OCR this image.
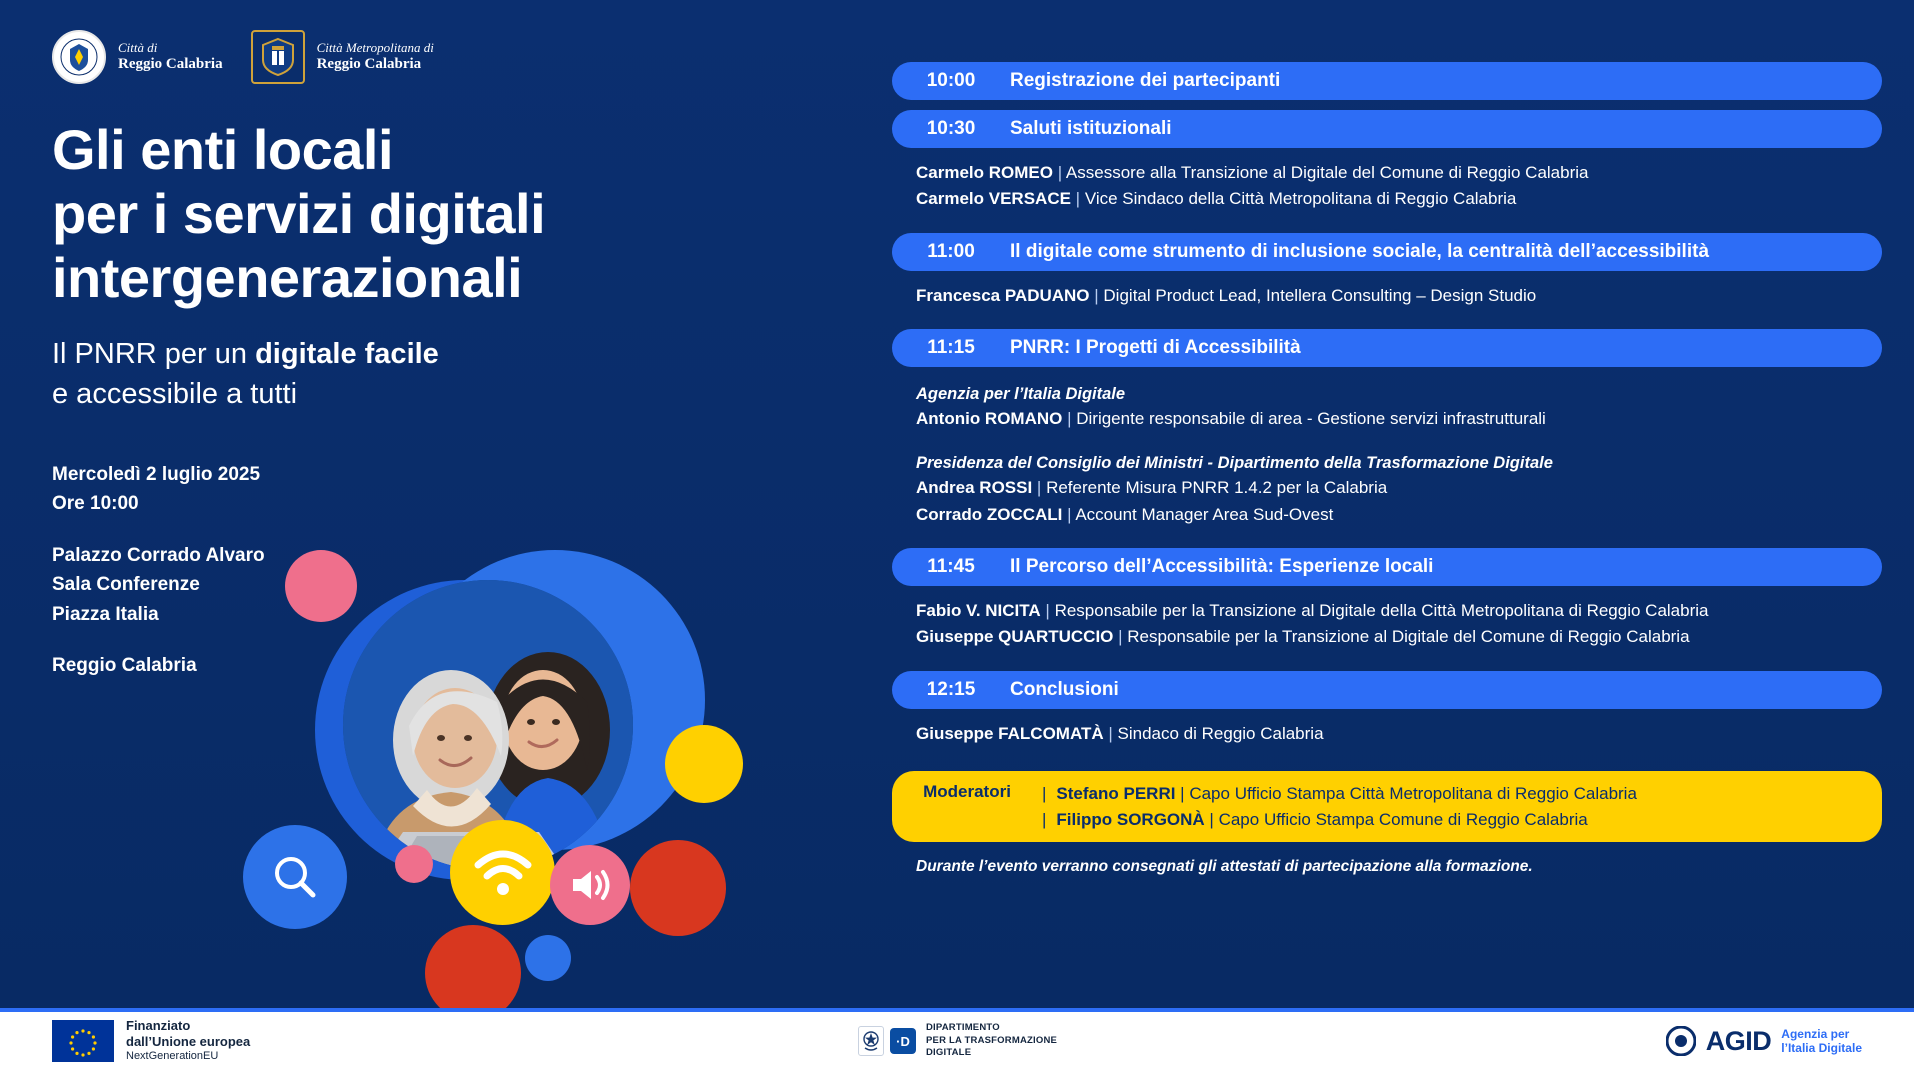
Città di
Reggio Calabria
Città Metropolitana di
Reggio Calabria
Gli enti locali
per i servizi digitali
intergenerazionali
Il PNRR per un digitale facile
e accessibile a tutti
Mercoledì 2 luglio 2025
Ore 10:00
Palazzo Corrado Alvaro
Sala Conferenze
Piazza Italia
Reggio Calabria
10:00	Registrazione dei partecipanti
10:30	Saluti istituzionali
Carmelo ROMEO | Assessore alla Transizione al Digitale del Comune di Reggio Calabria
Carmelo VERSACE | Vice Sindaco della Città Metropolitana di Reggio Calabria
11:00	Il digitale come strumento di inclusione sociale, la centralità dell’accessibilità
Francesca PADUANO | Digital Product Lead, Intellera Consulting – Design Studio
11:15	PNRR: I Progetti di Accessibilità
Agenzia per l’Italia Digitale
Antonio ROMANO | Dirigente responsabile di area - Gestione servizi infrastrutturali
Presidenza del Consiglio dei Ministri - Dipartimento della Trasformazione Digitale
Andrea ROSSI | Referente Misura PNRR 1.4.2 per la Calabria
Corrado ZOCCALI | Account Manager Area Sud-Ovest
11:45	Il Percorso dell’Accessibilità: Esperienze locali
Fabio V. NICITA | Responsabile per la Transizione al Digitale della Città Metropolitana di Reggio Calabria
Giuseppe QUARTUCCIO | Responsabile per la Transizione al Digitale del Comune di Reggio Calabria
12:15	Conclusioni
Giuseppe FALCOMATÀ | Sindaco di Reggio Calabria
Moderatori	| Stefano PERRI | Capo Ufficio Stampa Città Metropolitana di Reggio Calabria
| Filippo SORGONÀ | Capo Ufficio Stampa Comune di Reggio Calabria
Durante l’evento verranno consegnati gli attestati di partecipazione alla formazione.
Finanziato
dall’Unione europea
NextGenerationEU
·D
DIPARTIMENTO
PER LA TRASFORMAZIONE
DIGITALE	AGID Agenzia per
l’Italia Digitale
